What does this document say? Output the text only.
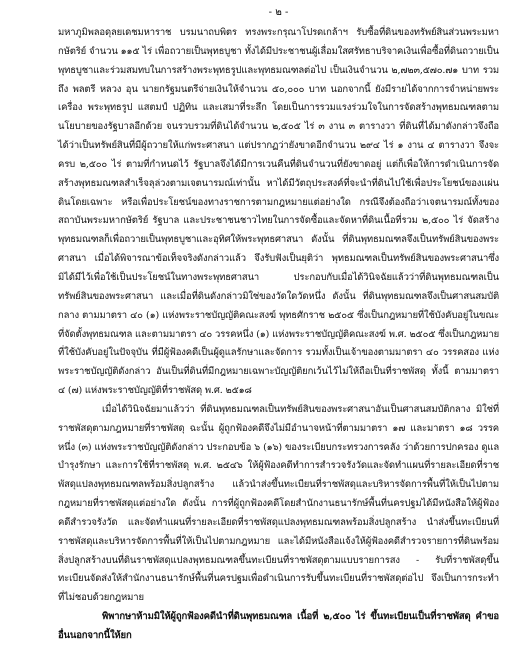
- ๒ -

มหาภูมิพลอดุลยเดชมหาราช บรมนาถบพิตร ทรงพระกรุณาโปรดเกล้าฯ รับซื้อที่ดินของทรัพย์สินส่วนพระมหากษัตริย์ จำนวน ๑๑๕ ไร่ เพื่อถวายเป็นพุทธบูชา ทั้งได้มีประชาชนผู้เลื่อมใสศรัทธาบริจาคเงินเพื่อซื้อที่ดินถวายเป็นพุทธบูชาและร่วมสมทบในการสร้างพระพุทธรูปและพุทธมณฑลต่อไป เป็นเงินจำนวน ๒,๗๒๓,๕๗๐.๗๑ บาท รวมถึง พลตรี หลวง อุน นายกรัฐมนตรีจ่ายเงินให้จำนวน ๕๐,๐๐๐ บาท นอกจากนี้ ยังมีรายได้จากการจำหน่ายพระเครื่อง พระพุทธรูป แสตมป์ ปฏิทิน และเสมาที่ระลึก โดยเป็นการรวมแรงร่วมใจในการจัดสร้างพุทธมณฑลตามนโยบายของรัฐบาลอีกด้วย จนรวบรวมที่ดินได้จำนวน ๒,๕๐๕ ไร่ ๓ งาน ๓ ตารางวา ที่ดินที่ได้มาดังกล่าวจึงถือได้ว่าเป็นทรัพย์สินที่มีผู้ถวายให้แก่พระศาสนา แต่ปรากฏว่ายังขาดอีกจำนวน ๒๙๔ ไร่ ๑ งาน ๔ ตารางวา จึงจะครบ ๒,๕๐๐ ไร่ ตามที่กำหนดไว้ รัฐบาลจึงได้มีการเวนคืนที่ดินจำนวนที่ยังขาดอยู่ แต่ก็เพื่อให้การดำเนินการจัดสร้างพุทธมณฑลสำเร็จลุล่วงตามเจตนารมณ์เท่านั้น หาได้มีวัตถุประสงค์ที่จะนำที่ดินไปใช้เพื่อประโยชน์ของแผ่นดินโดยเฉพาะ หรือเพื่อประโยชน์ของทางราชการตามกฎหมายแต่อย่างใด กรณีจึงต้องถือว่าเจตนารมณ์ทั้งของสถาบันพระมหากษัตริย์ รัฐบาล และประชาชนชาวไทยในการจัดซื้อและจัดหาที่ดินเนื้อที่รวม ๒,๕๐๐ ไร่ จัดสร้างพุทธมณฑลก็เพื่อถวายเป็นพุทธบูชาและอุทิศให้พระพุทธศาสนา ดังนั้น ที่ดินพุทธมณฑลจึงเป็นทรัพย์สินของพระศาสนา เมื่อได้พิจารณาข้อเท็จจริงดังกล่าวแล้ว จึงรับฟังเป็นยุติว่า พุทธมณฑลเป็นทรัพย์สินของพระศาสนาซึ่งมิได้มีไว้เพื่อใช้เป็นประโยชน์ในทางพระพุทธศาสนา ประกอบกับเมื่อได้วินิจฉัยแล้วว่าที่ดินพุทธมณฑลเป็นทรัพย์สินของพระศาสนา และเมื่อที่ดินดังกล่าวมิใช่ของวัดใดวัดหนึ่ง ดังนั้น ที่ดินพุทธมณฑลจึงเป็นศาสนสมบัติกลาง ตามมาตรา ๔๐ (๑) แห่งพระราชบัญญัติคณะสงฆ์ พุทธศักราช ๒๕๐๕ ซึ่งเป็นกฎหมายที่ใช้บังคับอยู่ในขณะที่จัดตั้งพุทธมณฑล และตามมาตรา ๔๐ วรรคหนึ่ง (๑) แห่งพระราชบัญญัติคณะสงฆ์ พ.ศ. ๒๕๐๕ ซึ่งเป็นกฎหมายที่ใช้บังคับอยู่ในปัจจุบัน ที่มีผู้ฟ้องคดีเป็นผู้ดูแลรักษาและจัดการ รวมทั้งเป็นเจ้าของตามมาตรา ๔๐ วรรคสอง แห่งพระราชบัญญัติดังกล่าว อันเป็นที่ดินที่มีกฎหมายเฉพาะบัญญัติยกเว้นไว้ไม่ให้ถือเป็นที่ราชพัสดุ ทั้งนี้ ตามมาตรา ๔ (๗) แห่งพระราชบัญญัติที่ราชพัสดุ พ.ศ. ๒๕๑๘

เมื่อได้วินิจฉัยมาแล้วว่า ที่ดินพุทธมณฑลเป็นทรัพย์สินของพระศาสนาอันเป็นศาสนสมบัติกลาง มิใช่ที่ราชพัสดุตามกฎหมายที่ราชพัสดุ ฉะนั้น ผู้ถูกฟ้องคดีจึงไม่มีอำนาจหน้าที่ตามมาตรา ๑๗ และมาตรา ๑๘ วรรคหนึ่ง (๓) แห่งพระราชบัญญัติดังกล่าว ประกอบข้อ ๖ (๑๖) ของระเบียบกระทรวงการคลัง ว่าด้วยการปกครอง ดูแล บำรุงรักษา และการใช้ที่ราชพัสดุ พ.ศ. ๒๕๔๖ ให้ผู้ฟ้องคดีทำการสำรวจรังวัดและจัดทำแผนที่รายละเอียดที่ราชพัสดุแปลงพุทธมณฑลพร้อมสิ่งปลูกสร้าง แล้วนำส่งขึ้นทะเบียนที่ราชพัสดุและบริหารจัดการพื้นที่ให้เป็นไปตามกฎหมายที่ราชพัสดุแต่อย่างใด ดังนั้น การที่ผู้ถูกฟ้องคดีโดยสำนักงานธนารักษ์พื้นที่นครปฐมได้มีหนังสือให้ผู้ฟ้องคดีสำรวจรังวัด และจัดทำแผนที่รายละเอียดที่ราชพัสดุแปลงพุทธมณฑลพร้อมสิ่งปลูกสร้าง นำส่งขึ้นทะเบียนที่ราชพัสดุและบริหารจัดการพื้นที่ให้เป็นไปตามกฎหมาย และได้มีหนังสือแจ้งให้ผู้ฟ้องคดีสำรวจรายการที่ดินพร้อมสิ่งปลูกสร้างบนที่ดินราชพัสดุแปลงพุทธมณฑลขึ้นทะเบียนที่ราชพัสดุตามแบบรายการสง - รับที่ราชพัสดุขึ้นทะเบียนจัดส่งให้สำนักงานธนารักษ์พื้นที่นครปฐมเพื่อดำเนินการรับขึ้นทะเบียนที่ราชพัสดุต่อไป จึงเป็นการกระทำที่ไม่ชอบด้วยกฎหมาย

พิพากษาห้ามมิให้ผู้ถูกฟ้องคดีนำที่ดินพุทธมณฑล เนื้อที่ ๒,๕๐๐ ไร่ ขึ้นทะเบียนเป็นที่ราชพัสดุ คำขออื่นนอกจากนี้ให้ยก
